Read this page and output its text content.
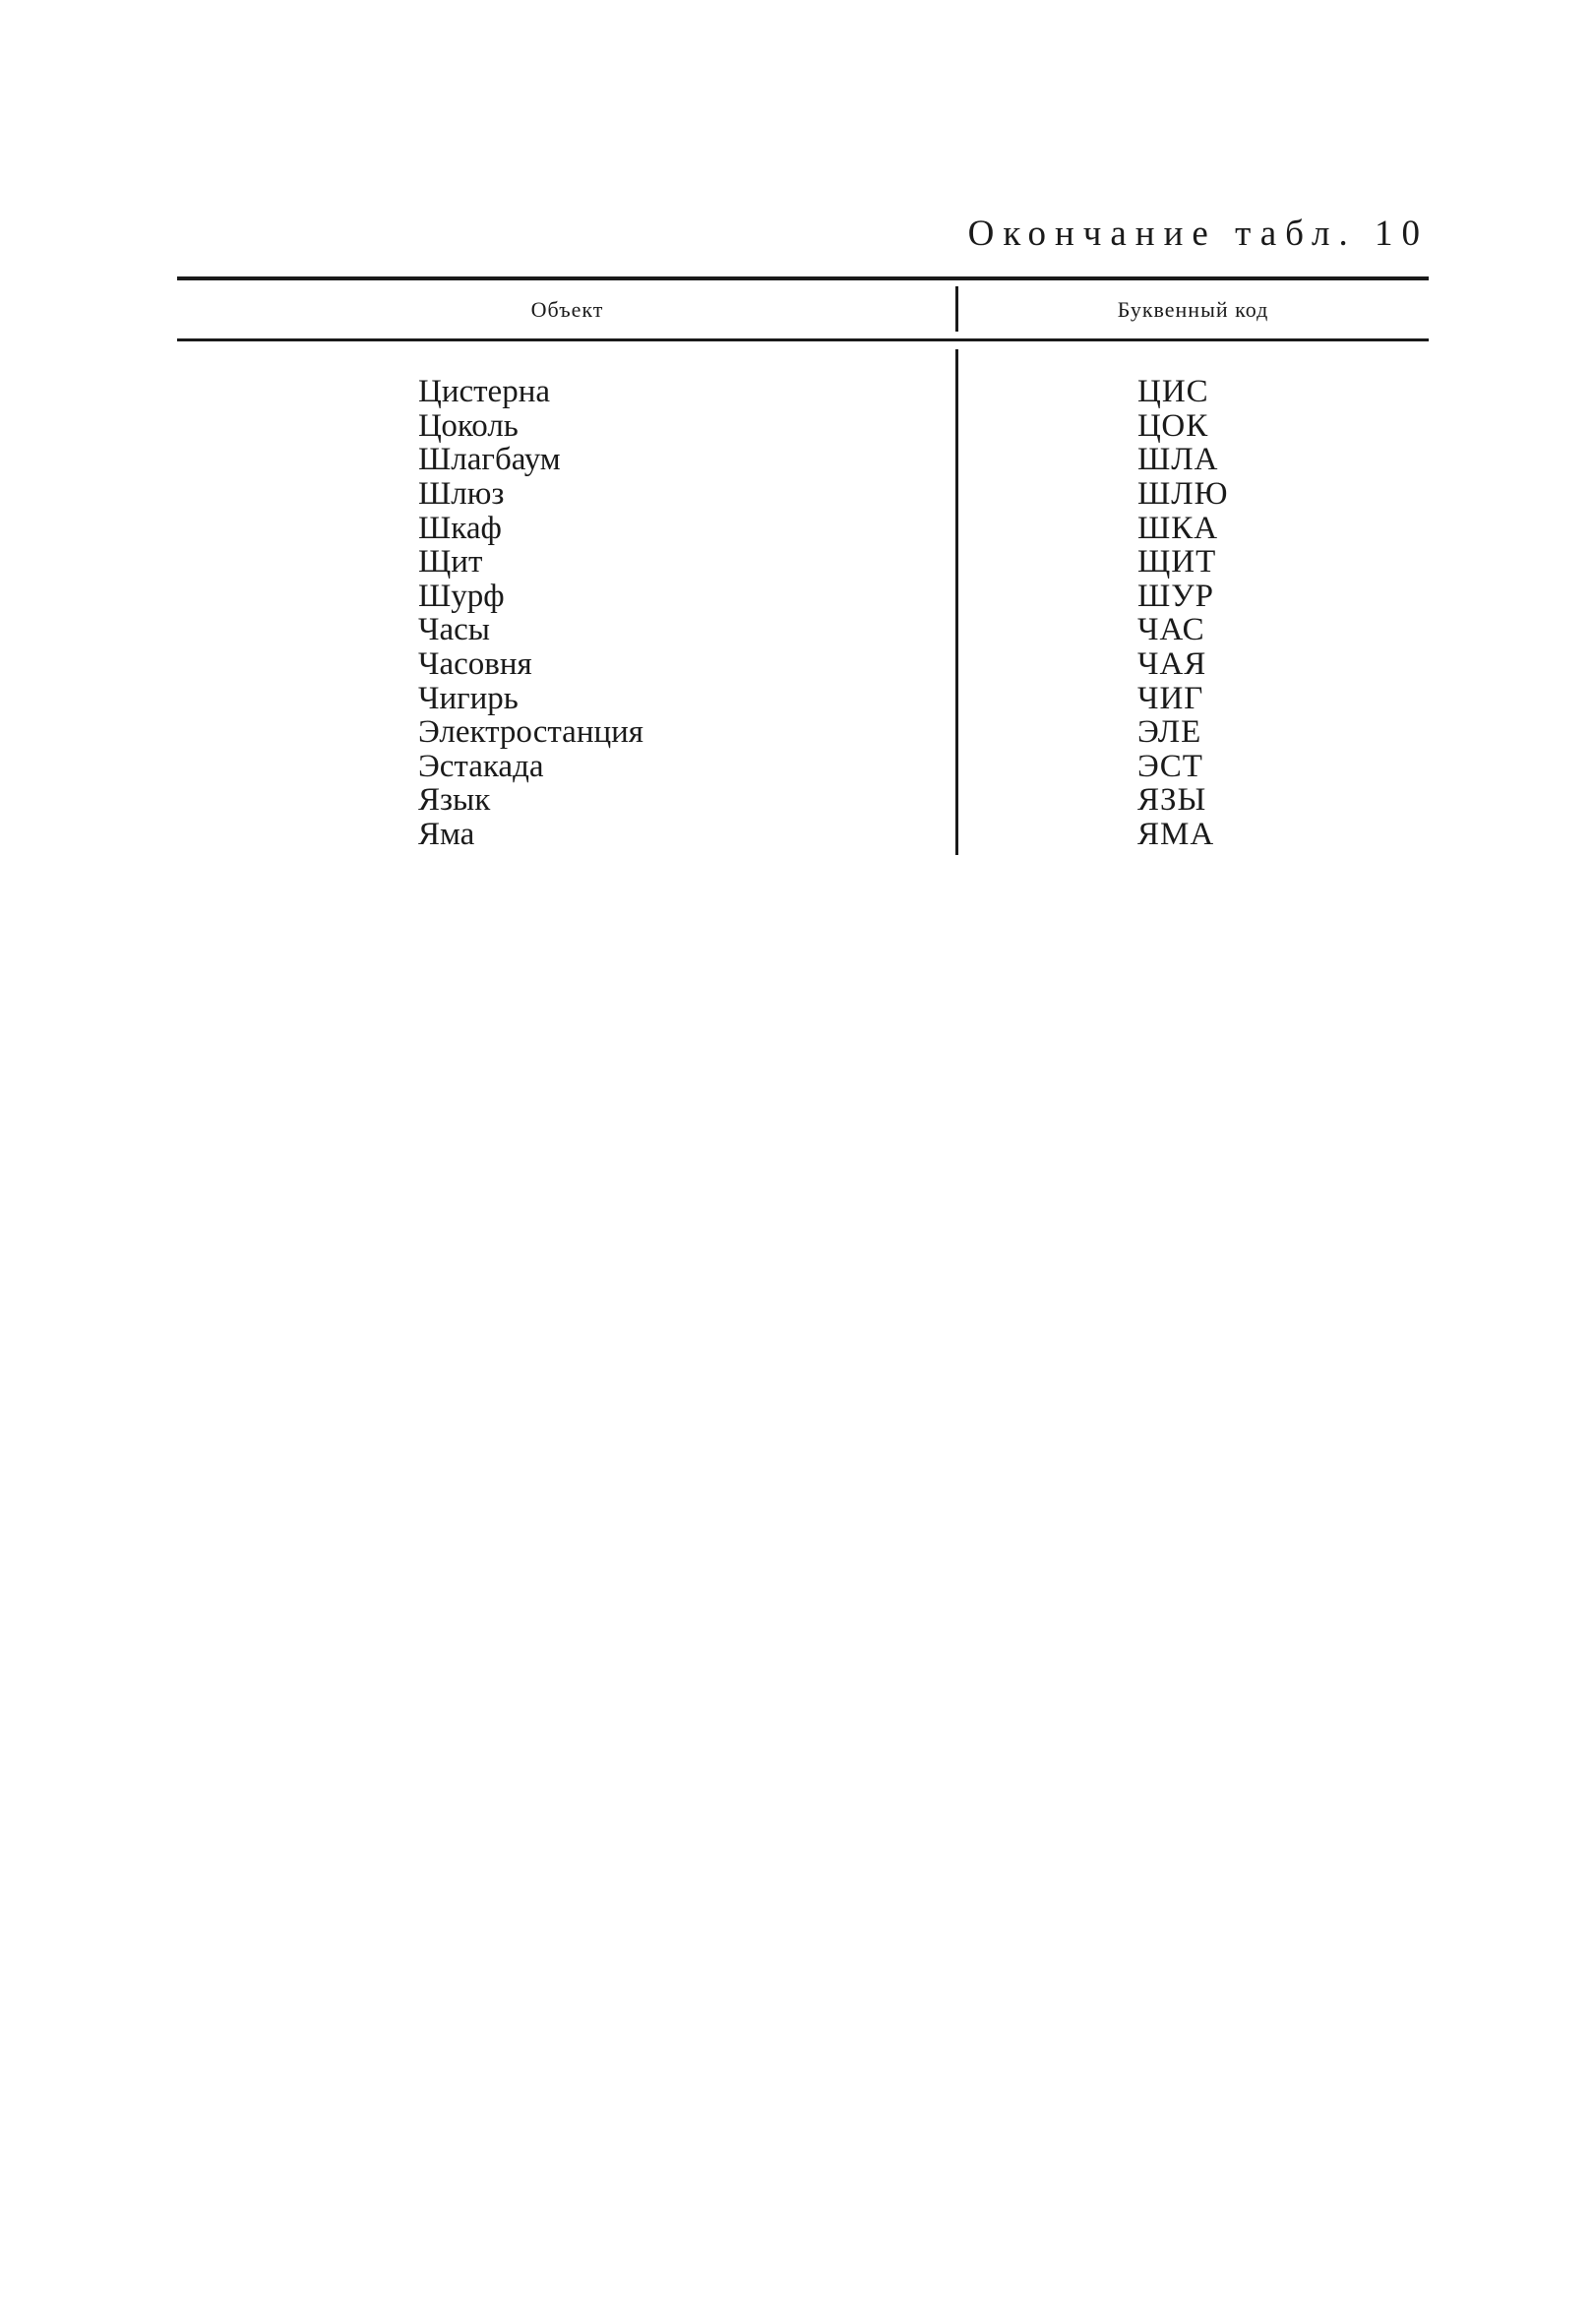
Окончание табл. 10
Объект	Буквенный код
Цистерна	ЦИС
Цоколь	ЦОК
Шлагбаум	ШЛА
Шлюз	ШЛЮ
Шкаф	ШКА
Щит	ЩИТ
Шурф	ШУР
Часы	ЧАС
Часовня	ЧАЯ
Чигирь	ЧИГ
Электростанция	ЭЛЕ
Эстакада	ЭСТ
Язык	ЯЗЫ
Яма	ЯМА
